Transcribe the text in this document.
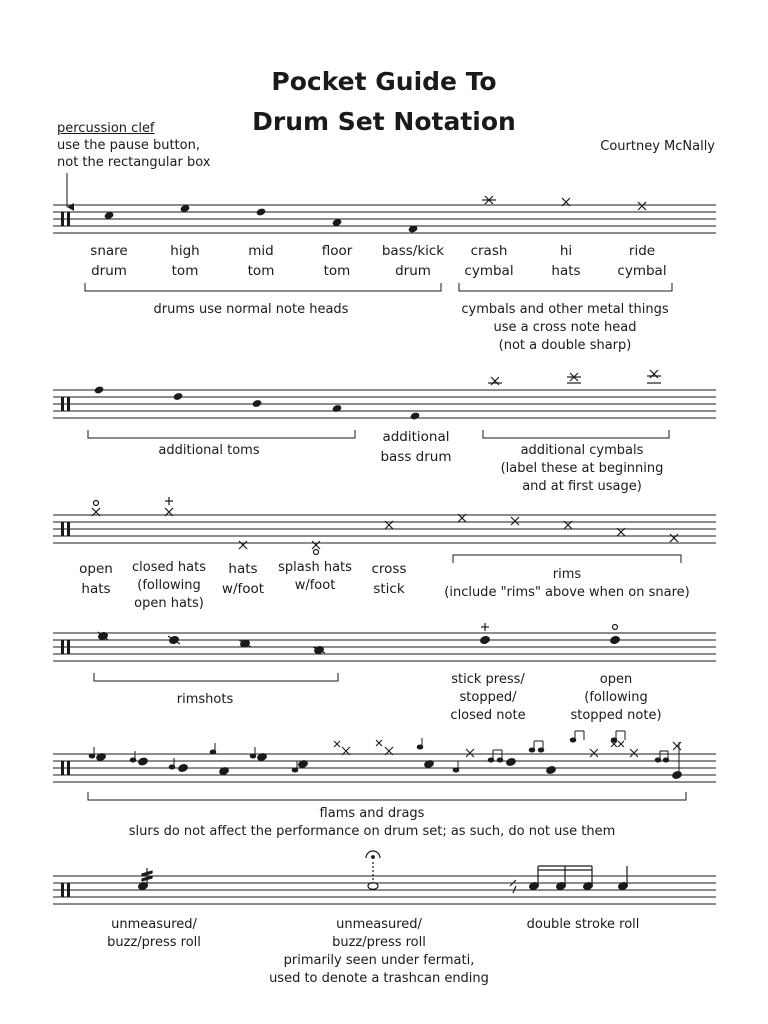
Pocket Guide To
Drum Set Notation
Courtney McNally
percussion clef
use the pause button,
not the rectangular box
snare
drum
high
tom
mid
tom
floor
tom
bass/kick
drum
crash
cymbal
hi
hats
ride
cymbal
drums use normal note heads	cymbals and other metal things
use a cross note head
(not a double sharp)
additional toms
additional
bass drum	additional cymbals
(label these at beginning
and at first usage)
open
hats
closed hats
(following
open hats)
hats
w/foot
splash hats
w/foot
cross
stick
rims
(include "rims" above when on snare)
rimshots
stick press/
stopped/
closed note
open
(following
stopped note)
flams and drags
slurs do not affect the performance on drum set; as such, do not use them
unmeasured/
buzz/press roll
unmeasured/
buzz/press roll
primarily seen under fermati,
used to denote a trashcan ending
double stroke roll
